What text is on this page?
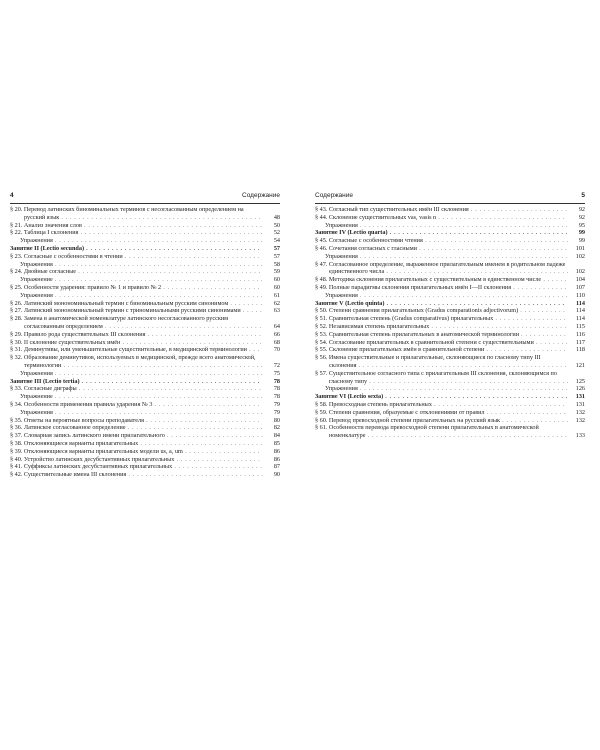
4	Содержание
§ 20. Перевод латинских биноминальных терминов с несогласованным определением на русский язык . . . . . . . . . . . . . . . . . . . . . . . . . . . . . . . . . . . . . . . . . . . . . . . 48
§ 21. Анализ значения слов . . . . . . . . . . . . . . . . . . . . . . . . . . . . . . . . . . . . . . . . . . 50
§ 22. Таблица I склонения . . . . . . . . . . . . . . . . . . . . . . . . . . . . . . . . . . . . . . . . . . . 52
Упражнения . . . . . . . . . . . . . . . . . . . . . . . . . . . . . . . . . . . . . . . . . . . . . . . . . 54
Занятие II (Lectio secunda) . . . . . . . . . . . . . . . . . . . . . . . . . . . . . . . . . . . . . . . . . 57
§ 23. Согласные с особенностями в чтении . . . . . . . . . . . . . . . . . . . . . . . . . . . . . . . . 57
Упражнения . . . . . . . . . . . . . . . . . . . . . . . . . . . . . . . . . . . . . . . . . . . . . . . . . 58
§ 24. Двойные согласные . . . . . . . . . . . . . . . . . . . . . . . . . . . . . . . . . . . . . . . . . . . 59
Упражнение . . . . . . . . . . . . . . . . . . . . . . . . . . . . . . . . . . . . . . . . . . . . . . . . . 60
§ 25. Особенности ударения: правило № 1 и правило № 2 . . . . . . . . . . . . . . . . . . . . . . . 60
Упражнения . . . . . . . . . . . . . . . . . . . . . . . . . . . . . . . . . . . . . . . . . . . . . . . . . 61
§ 26. Латинский монономинальный термин с биноминальным русским синонимом . . . . . . . . 62
§ 27. Латинский монономинальный термин с триноминальными русскими синонимами . . . . . 63
§ 28. Замена в анатомической номенклатуре латинского несогласованного русским согласованным определением . . . . . . . . . . . . . . . . . . . . . . . . . . . . . . . . . . . . . 64
§ 29. Правило рода существительных III склонения . . . . . . . . . . . . . . . . . . . . . . . . . . . 66
§ 30. II склонение существительных имён . . . . . . . . . . . . . . . . . . . . . . . . . . . . . . . . . 68
§ 31. Деминутивы, или уменьшительные существительные, в медицинской терминологии . . . 70
§ 32. Образование деминутивов, используемых в медицинской, прежде всего анатомической, терминологии . . . . . . . . . . . . . . . . . . . . . . . . . . . . . . . . . . . . . . . . . . . . . . . 72
Упражнения . . . . . . . . . . . . . . . . . . . . . . . . . . . . . . . . . . . . . . . . . . . . . . . . . 75
Занятие III (Lectio tertia) . . . . . . . . . . . . . . . . . . . . . . . . . . . . . . . . . . . . . . . . . . 78
§ 33. Согласные диграфы . . . . . . . . . . . . . . . . . . . . . . . . . . . . . . . . . . . . . . . . . . . 78
Упражнение . . . . . . . . . . . . . . . . . . . . . . . . . . . . . . . . . . . . . . . . . . . . . . . . . 78
§ 34. Особенности применения правила ударения № 3 . . . . . . . . . . . . . . . . . . . . . . . . . 79
Упражнения . . . . . . . . . . . . . . . . . . . . . . . . . . . . . . . . . . . . . . . . . . . . . . . . . 79
§ 35. Ответы на вероятные вопросы преподавателя . . . . . . . . . . . . . . . . . . . . . . . . . . . 80
§ 36. Латинское согласованное определение . . . . . . . . . . . . . . . . . . . . . . . . . . . . . . . . 82
§ 37. Словарная запись латинского имени прилагательного . . . . . . . . . . . . . . . . . . . . . . . 84
§ 38. Отклоняющиеся варианты прилагательных . . . . . . . . . . . . . . . . . . . . . . . . . . . . . 85
§ 39. Отклоняющиеся варианты прилагательных модели us, a, um . . . . . . . . . . . . . . . . . . 86
§ 40. Устройство латинских десубстантивных прилагательных . . . . . . . . . . . . . . . . . . . . 86
§ 41. Суффиксы латинских десубстантивных прилагательных . . . . . . . . . . . . . . . . . . . . . 87
§ 42. Существительные имена III склонения . . . . . . . . . . . . . . . . . . . . . . . . . . . . . . . . 90
Содержание	5
§ 43. Согласный тип существительных имён III склонения . . . . . . . . . . . . . . . . . . . . . . . 92
§ 44. Склонение существительных vas, vasis n . . . . . . . . . . . . . . . . . . . . . . . . . . . . . . 92
Упражнения . . . . . . . . . . . . . . . . . . . . . . . . . . . . . . . . . . . . . . . . . . . . . . . . . 95
Занятие IV (Lectio quarta) . . . . . . . . . . . . . . . . . . . . . . . . . . . . . . . . . . . . . . . . . . 99
§ 45. Согласные с особенностями чтения . . . . . . . . . . . . . . . . . . . . . . . . . . . . . . . . . . 99
§ 46. Сочетания согласных с гласными . . . . . . . . . . . . . . . . . . . . . . . . . . . . . . . . . . . 101
Упражнения . . . . . . . . . . . . . . . . . . . . . . . . . . . . . . . . . . . . . . . . . . . . . . . . . 102
§ 47. Согласованное определение, выраженное прилагательным именем в родительном падеже единственного числа . . . . . . . . . . . . . . . . . . . . . . . . . . . . . . . . . . . . . . . . . . . 102
§ 48. Методика склонения прилагательных с существительным в единственном числе . . . . . . 104
§ 49. Полные парадигмы склонения прилагательных имён I—II склонения . . . . . . . . . . . . . 107
Упражнения . . . . . . . . . . . . . . . . . . . . . . . . . . . . . . . . . . . . . . . . . . . . . . . . . 110
Занятие V (Lectio quinta) . . . . . . . . . . . . . . . . . . . . . . . . . . . . . . . . . . . . . . . . . . 114
§ 50. Степени сравнения прилагательных (Gradus comparationis adjectivorum) . . . . . . . . . . . 114
§ 51. Сравнительная степень (Gradus comparativus) прилагательных . . . . . . . . . . . . . . . . . 114
§ 52. Независимая степень прилагательных . . . . . . . . . . . . . . . . . . . . . . . . . . . . . . . . 115
§ 53. Сравнительная степень прилагательных в анатомической терминологии . . . . . . . . . . . 116
§ 54. Согласование прилагательных в сравнительной степени с существительными . . . . . . . . 117
§ 55. Склонение прилагательных имён в сравнительной степени . . . . . . . . . . . . . . . . . . . 118
§ 56. Имена существительные и прилагательные, склоняющиеся по гласному типу III склонения . . . . . . . . . . . . . . . . . . . . . . . . . . . . . . . . . . . . . . . . . . . . . . . . . 121
§ 57. Существительное согласного типа с прилагательным III склонения, склоняющимся по гласному типу . . . . . . . . . . . . . . . . . . . . . . . . . . . . . . . . . . . . . . . . . . . . . . . 125
Упражнения . . . . . . . . . . . . . . . . . . . . . . . . . . . . . . . . . . . . . . . . . . . . . . . . . 126
Занятие VI (Lectio sexta) . . . . . . . . . . . . . . . . . . . . . . . . . . . . . . . . . . . . . . . . . . . 131
§ 58. Превосходная степень прилагательных . . . . . . . . . . . . . . . . . . . . . . . . . . . . . . . 131
§ 59. Степени сравнения, образуемые с отклонениями от правил . . . . . . . . . . . . . . . . . . . 132
§ 60. Перевод превосходной степени прилагательных на русский язык . . . . . . . . . . . . . . . . 132
§ 61. Особенности перевода превосходной степени прилагательных в анатомической номенклатуре . . . . . . . . . . . . . . . . . . . . . . . . . . . . . . . . . . . . . . . . . . . . . . . 133
